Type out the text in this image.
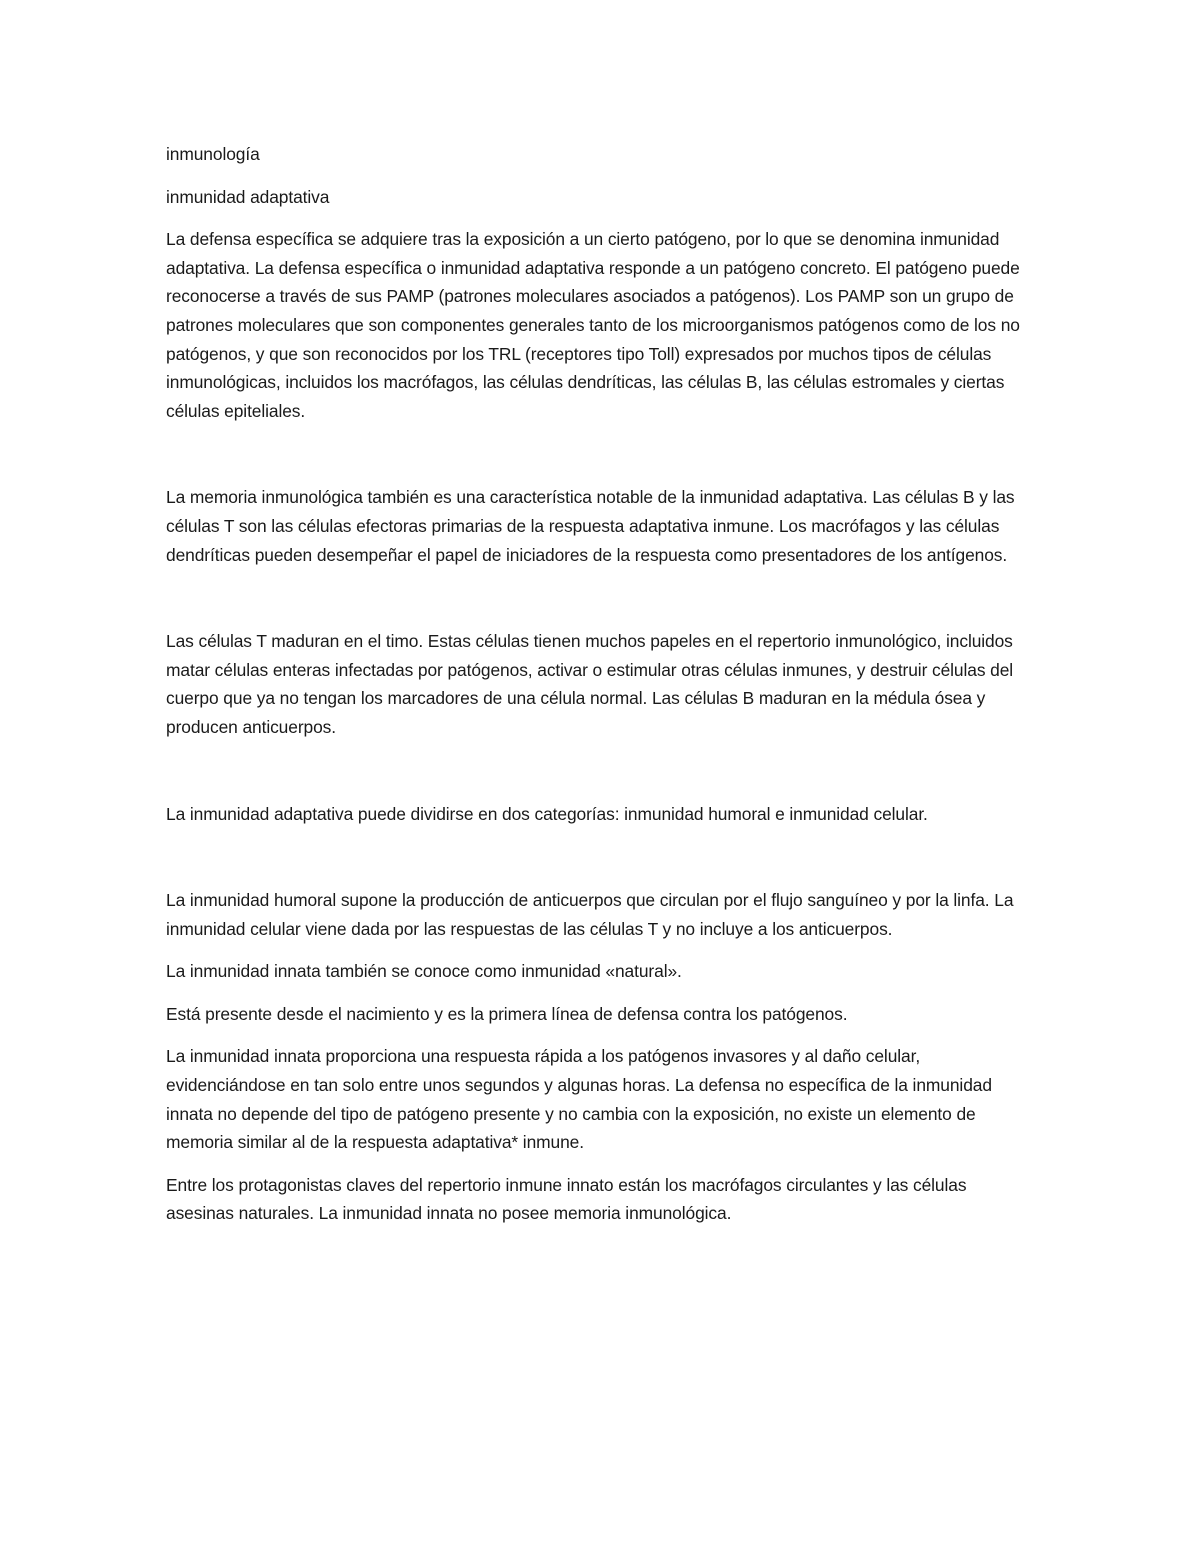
inmunología

inmunidad adaptativa

La defensa específica se adquiere tras la exposición a un cierto patógeno, por lo que se denomina inmunidad adaptativa. La defensa específica o inmunidad adaptativa responde a un patógeno concreto. El patógeno puede reconocerse a través de sus PAMP (patrones moleculares asociados a patógenos). Los PAMP son un grupo de patrones moleculares que son componentes generales tanto de los microorganismos patógenos como de los no patógenos, y que son reconocidos por los TRL (receptores tipo Toll) expresados por muchos tipos de células inmunológicas, incluidos los macrófagos, las células dendríticas, las células B, las células estromales y ciertas células epiteliales.

La memoria inmunológica también es una característica notable de la inmunidad adaptativa. Las células B y las células T son las células efectoras primarias de la respuesta adaptativa inmune. Los macrófagos y las células dendríticas pueden desempeñar el papel de iniciadores de la respuesta como presentadores de los antígenos.

Las células T maduran en el timo. Estas células tienen muchos papeles en el repertorio inmunológico, incluidos matar células enteras infectadas por patógenos, activar o estimular otras células inmunes, y destruir células del cuerpo que ya no tengan los marcadores de una célula normal. Las células B maduran en la médula ósea y producen anticuerpos.

La inmunidad adaptativa puede dividirse en dos categorías: inmunidad humoral e inmunidad celular.

La inmunidad humoral supone la producción de anticuerpos que circulan por el flujo sanguíneo y por la linfa. La inmunidad celular viene dada por las respuestas de las células T y no incluye a los anticuerpos.

La inmunidad innata también se conoce como inmunidad «natural».

Está presente desde el nacimiento y es la primera línea de defensa contra los patógenos.

La inmunidad innata proporciona una respuesta rápida a los patógenos invasores y al daño celular, evidenciándose en tan solo entre unos segundos y algunas horas. La defensa no específica de la inmunidad innata no depende del tipo de patógeno presente y no cambia con la exposición, no existe un elemento de memoria similar al de la respuesta adaptativa* inmune.

Entre los protagonistas claves del repertorio inmune innato están los macrófagos circulantes y las células asesinas naturales. La inmunidad innata no posee memoria inmunológica.
